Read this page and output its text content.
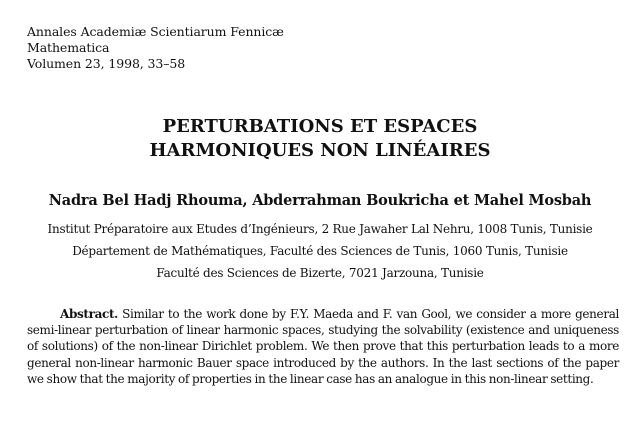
Annales Academiæ Scientiarum Fennicæ
Mathematica
Volumen 23, 1998, 33–58
PERTURBATIONS ET ESPACES
HARMONIQUES NON LINÉAIRES
Nadra Bel Hadj Rhouma, Abderrahman Boukricha et Mahel Mosbah
Institut Préparatoire aux Etudes d’Ingénieurs, 2 Rue Jawaher Lal Nehru, 1008 Tunis, Tunisie
Département de Mathématiques, Faculté des Sciences de Tunis, 1060 Tunis, Tunisie
Faculté des Sciences de Bizerte, 7021 Jarzouna, Tunisie
Abstract. Similar to the work done by F.Y. Maeda and F. van Gool, we consider a more general semi-linear perturbation of linear harmonic spaces, studying the solvability (existence and uniqueness of solutions) of the non-linear Dirichlet problem. We then prove that this perturbation leads to a more general non-linear harmonic Bauer space introduced by the authors. In the last sections of the paper we show that the majority of properties in the linear case has an analogue in this non-linear setting.
